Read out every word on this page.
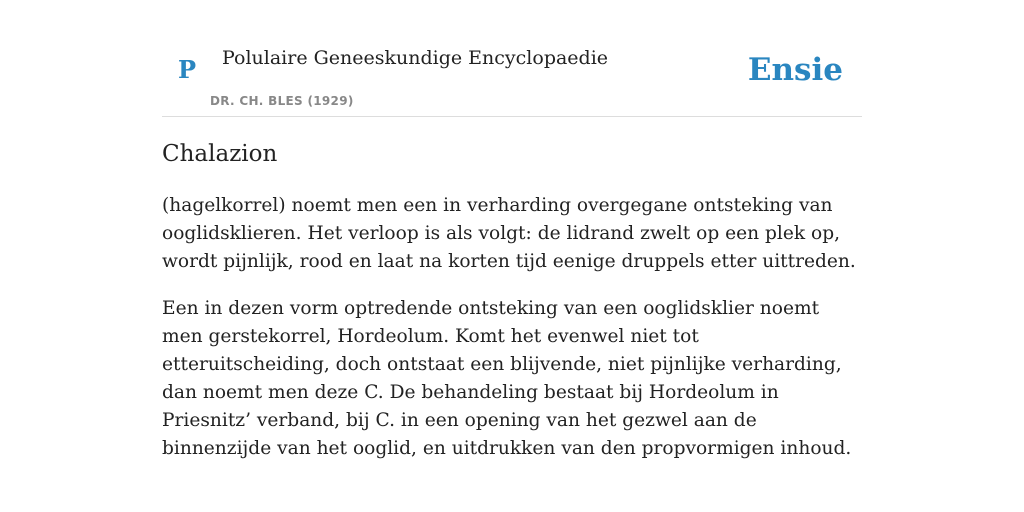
P Polulaire Geneeskundige Encyclopaedie
DR. CH. BLES (1929)
Ensie
Chalazion

(hagelkorrel) noemt men een in verharding overgegane ontsteking van ooglidsklieren. Het verloop is als volgt: de lidrand zwelt op een plek op, wordt pijnlijk, rood en laat na korten tijd eenige druppels etter uittreden.

Een in dezen vorm optredende ontsteking van een ooglidsklier noemt men gerstekorrel, Hordeolum. Komt het evenwel niet tot etteruitscheiding, doch ontstaat een blijvende, niet pijnlijke verharding, dan noemt men deze C. De behandeling bestaat bij Hordeolum in Priesnitz’ verband, bij C. in een opening van het gezwel aan de binnenzijde van het ooglid, en uitdrukken van den propvormigen inhoud.
